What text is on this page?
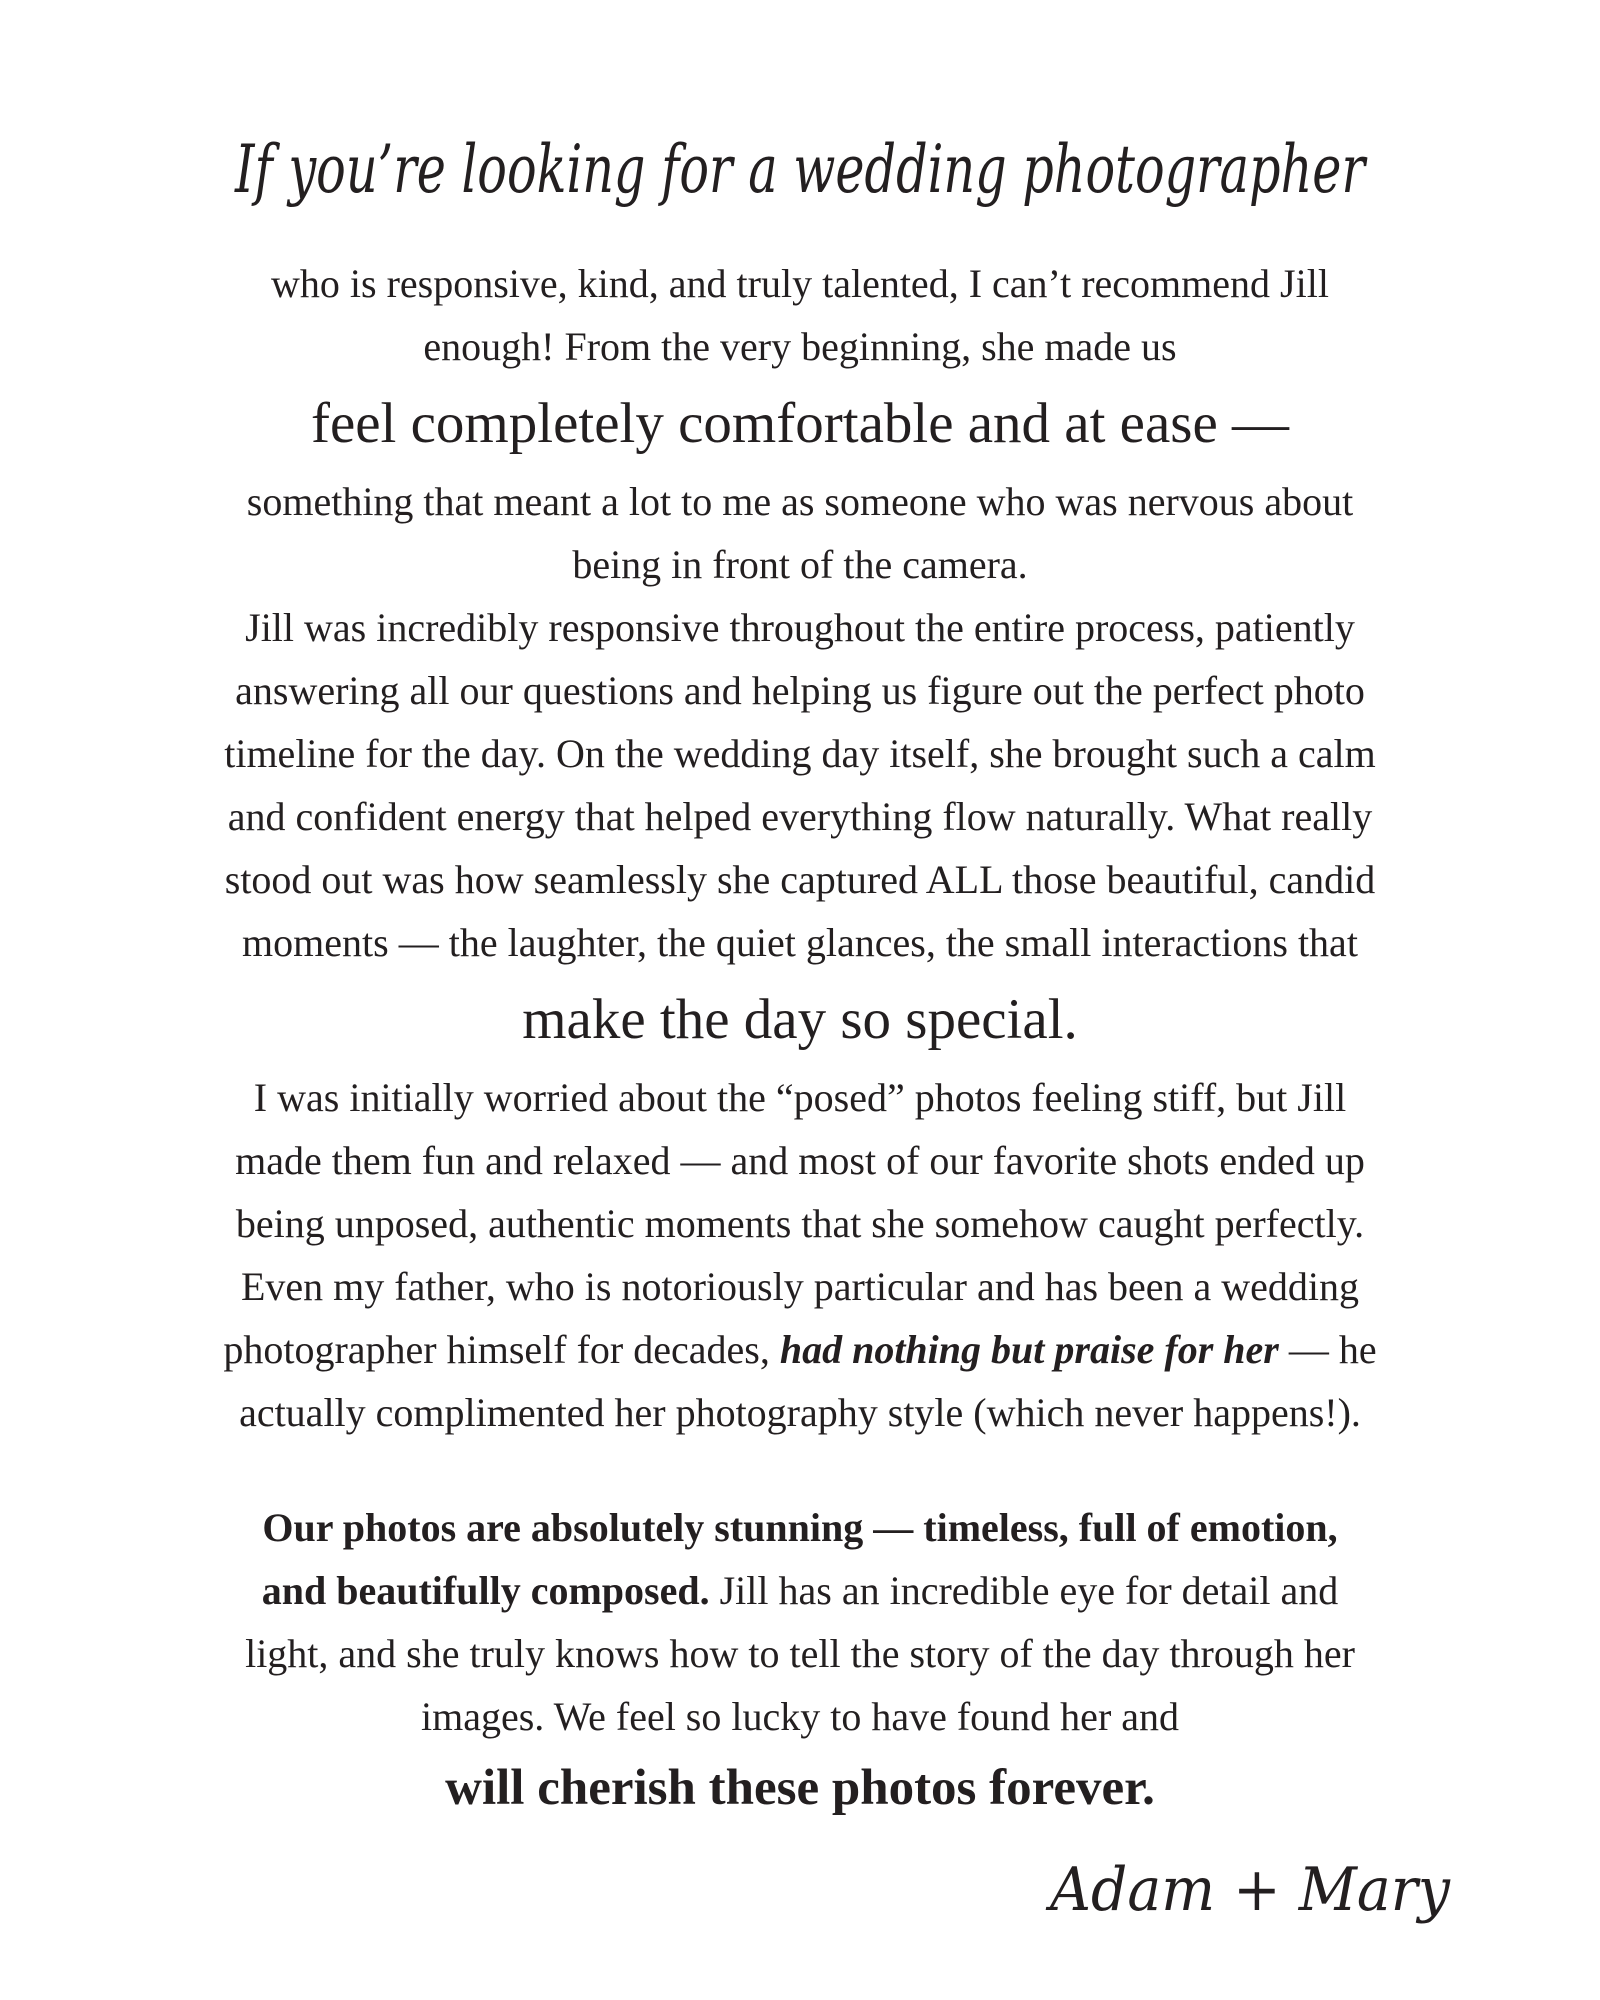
If you’re looking for a wedding photographer

who is responsive, kind, and truly talented, I can’t recommend Jill

enough! From the very beginning, she made us

feel completely comfortable and at ease —

something that meant a lot to me as someone who was nervous about

being in front of the camera.

Jill was incredibly responsive throughout the entire process, patiently

answering all our questions and helping us figure out the perfect photo

timeline for the day. On the wedding day itself, she brought such a calm

and confident energy that helped everything flow naturally. What really

stood out was how seamlessly she captured ALL those beautiful, candid

moments — the laughter, the quiet glances, the small interactions that

make the day so special.

I was initially worried about the “posed” photos feeling stiff, but Jill

made them fun and relaxed — and most of our favorite shots ended up

being unposed, authentic moments that she somehow caught perfectly.

Even my father, who is notoriously particular and has been a wedding

photographer himself for decades, had nothing but praise for her — he

actually complimented her photography style (which never happens!).

Our photos are absolutely stunning — timeless, full of emotion,

and beautifully composed. Jill has an incredible eye for detail and

light, and she truly knows how to tell the story of the day through her

images. We feel so lucky to have found her and

will cherish these photos forever.

Adam + Mary
